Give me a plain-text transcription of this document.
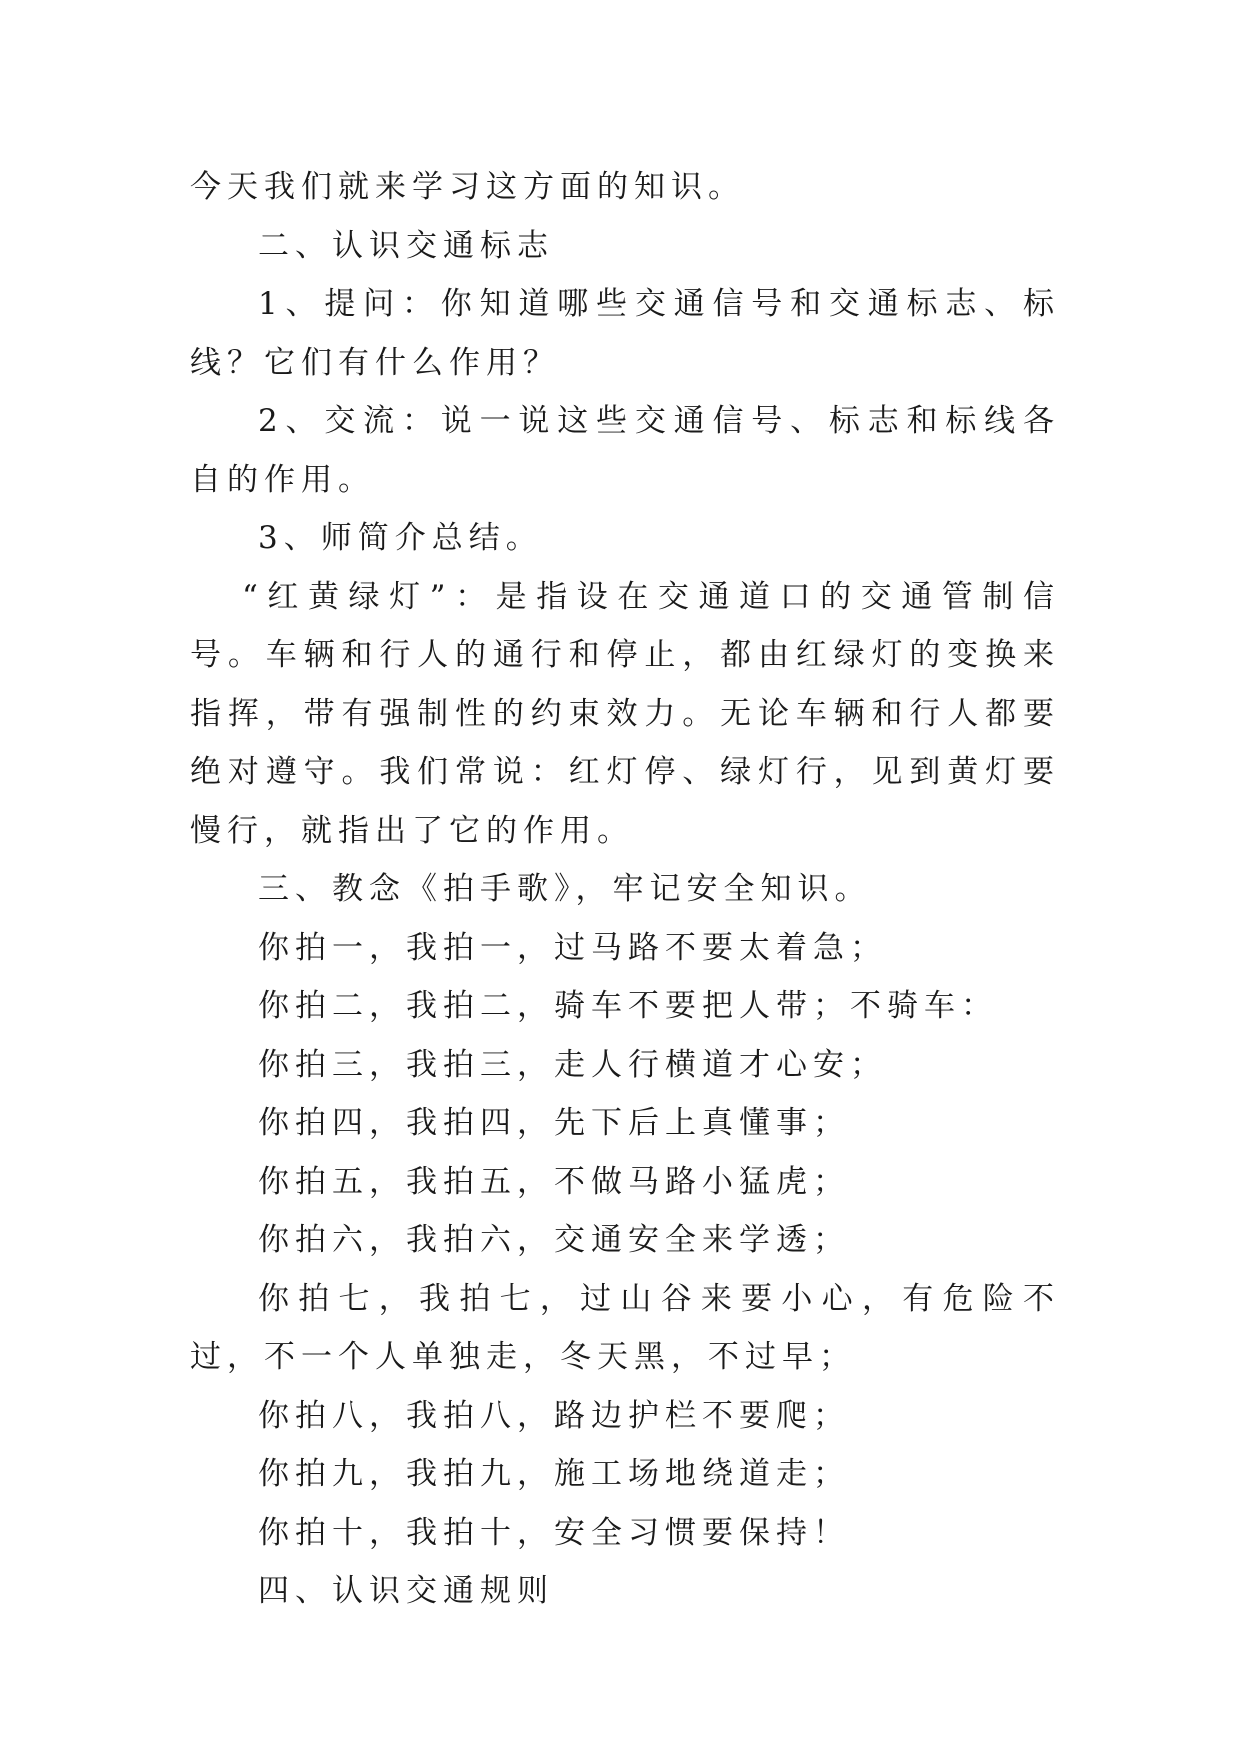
今天我们就来学习这方面的知识。

二、认识交通标志

1、提问：你知道哪些交通信号和交通标志、标线？它们有什么作用？

2、交流：说一说这些交通信号、标志和标线各自的作用。

3、师简介总结。

“红黄绿灯”：是指设在交通道口的交通管制信号。车辆和行人的通行和停止，都由红绿灯的变换来指挥，带有强制性的约束效力。无论车辆和行人都要绝对遵守。我们常说：红灯停、绿灯行，见到黄灯要慢行，就指出了它的作用。

三、教念《拍手歌》，牢记安全知识。

你拍一，我拍一，过马路不要太着急；

你拍二，我拍二，骑车不要把人带；不骑车：

你拍三，我拍三，走人行横道才心安；

你拍四，我拍四，先下后上真懂事；

你拍五，我拍五，不做马路小猛虎；

你拍六，我拍六，交通安全来学透；

你拍七，我拍七，过山谷来要小心，有危险不过，不一个人单独走，冬天黑，不过早；

你拍八，我拍八，路边护栏不要爬；

你拍九，我拍九，施工场地绕道走；

你拍十，我拍十，安全习惯要保持！

四、认识交通规则
